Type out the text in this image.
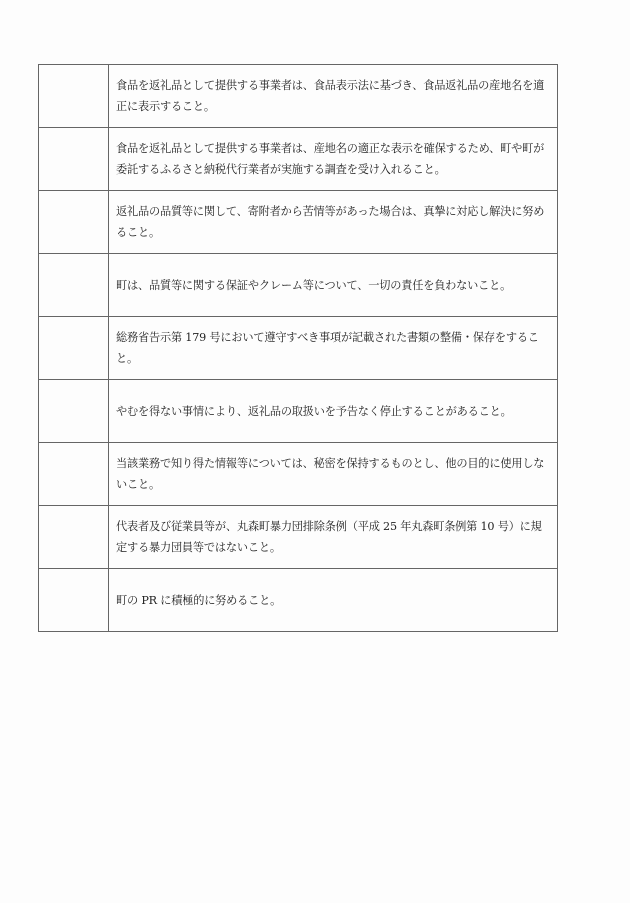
	食品を返礼品として提供する事業者は、食品表示法に基づき、食品返礼品の産地名を適正に表示すること。
	食品を返礼品として提供する事業者は、産地名の適正な表示を確保するため、町や町が委託するふるさと納税代行業者が実施する調査を受け入れること。
	返礼品の品質等に関して、寄附者から苦情等があった場合は、真摯に対応し解決に努めること。
	町は、品質等に関する保証やクレーム等について、一切の責任を負わないこと。
	総務省告示第 179 号において遵守すべき事項が記載された書類の整備・保存をすること。
	やむを得ない事情により、返礼品の取扱いを予告なく停止することがあること。
	当該業務で知り得た情報等については、秘密を保持するものとし、他の目的に使用しないこと。
	代表者及び従業員等が、丸森町暴力団排除条例（平成 25 年丸森町条例第 10 号）に規定する暴力団員等ではないこと。
	町の PR に積極的に努めること。
